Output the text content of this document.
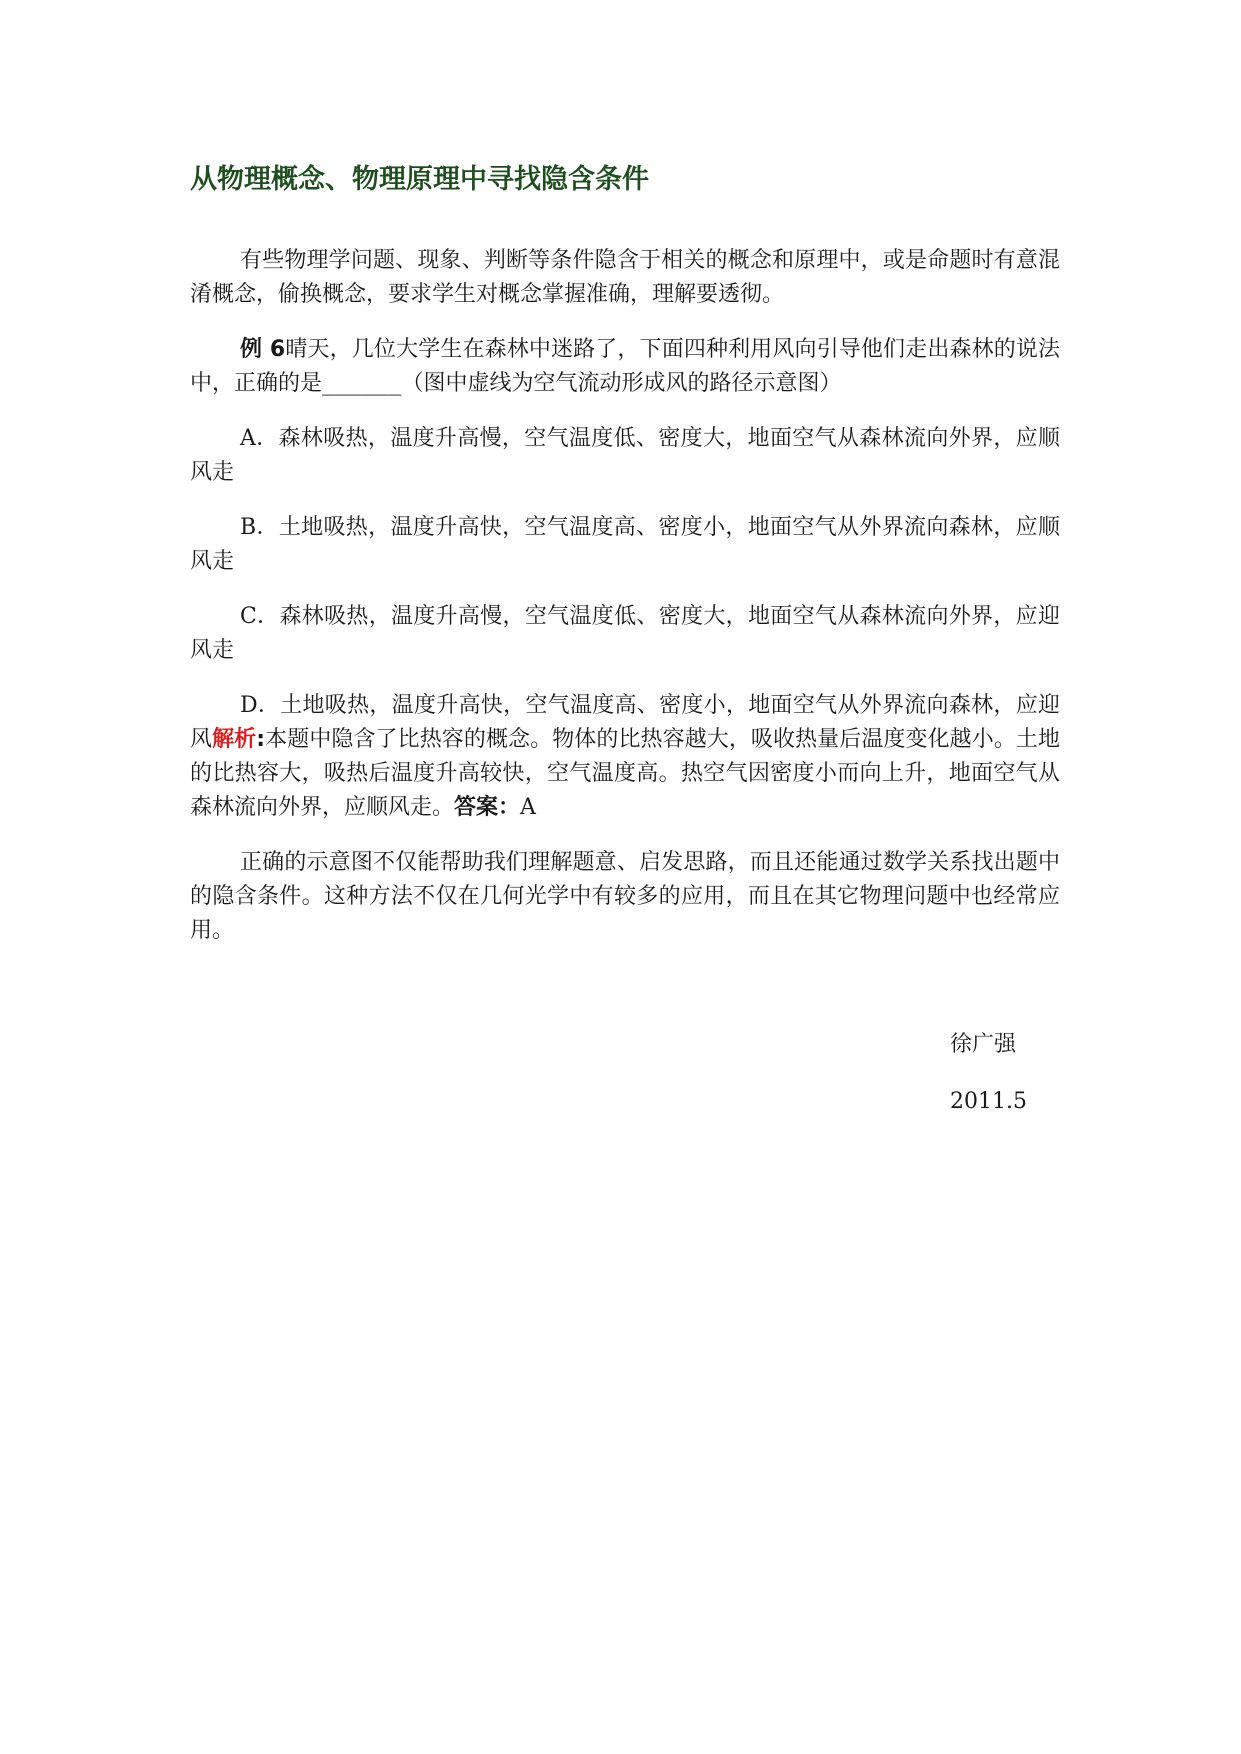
从物理概念、物理原理中寻找隐含条件

有些物理学问题、现象、判断等条件隐含于相关的概念和原理中，或是命题时有意混淆概念，偷换概念，要求学生对概念掌握准确，理解要透彻。

例 6晴天，几位大学生在森林中迷路了，下面四种利用风向引导他们走出森林的说法中，正确的是______（图中虚线为空气流动形成风的路径示意图）

A．森林吸热，温度升高慢，空气温度低、密度大，地面空气从森林流向外界，应顺风走

B．土地吸热，温度升高快，空气温度高、密度小，地面空气从外界流向森林，应顺风走

C．森林吸热，温度升高慢，空气温度低、密度大，地面空气从森林流向外界，应迎风走

D．土地吸热，温度升高快，空气温度高、密度小，地面空气从外界流向森林，应迎风解析:本题中隐含了比热容的概念。物体的比热容越大，吸收热量后温度变化越小。土地的比热容大，吸热后温度升高较快，空气温度高。热空气因密度小而向上升，地面空气从森林流向外界，应顺风走。答案：A

正确的示意图不仅能帮助我们理解题意、启发思路，而且还能通过数学关系找出题中的隐含条件。这种方法不仅在几何光学中有较多的应用，而且在其它物理问题中也经常应用。

徐广强
2011.5
